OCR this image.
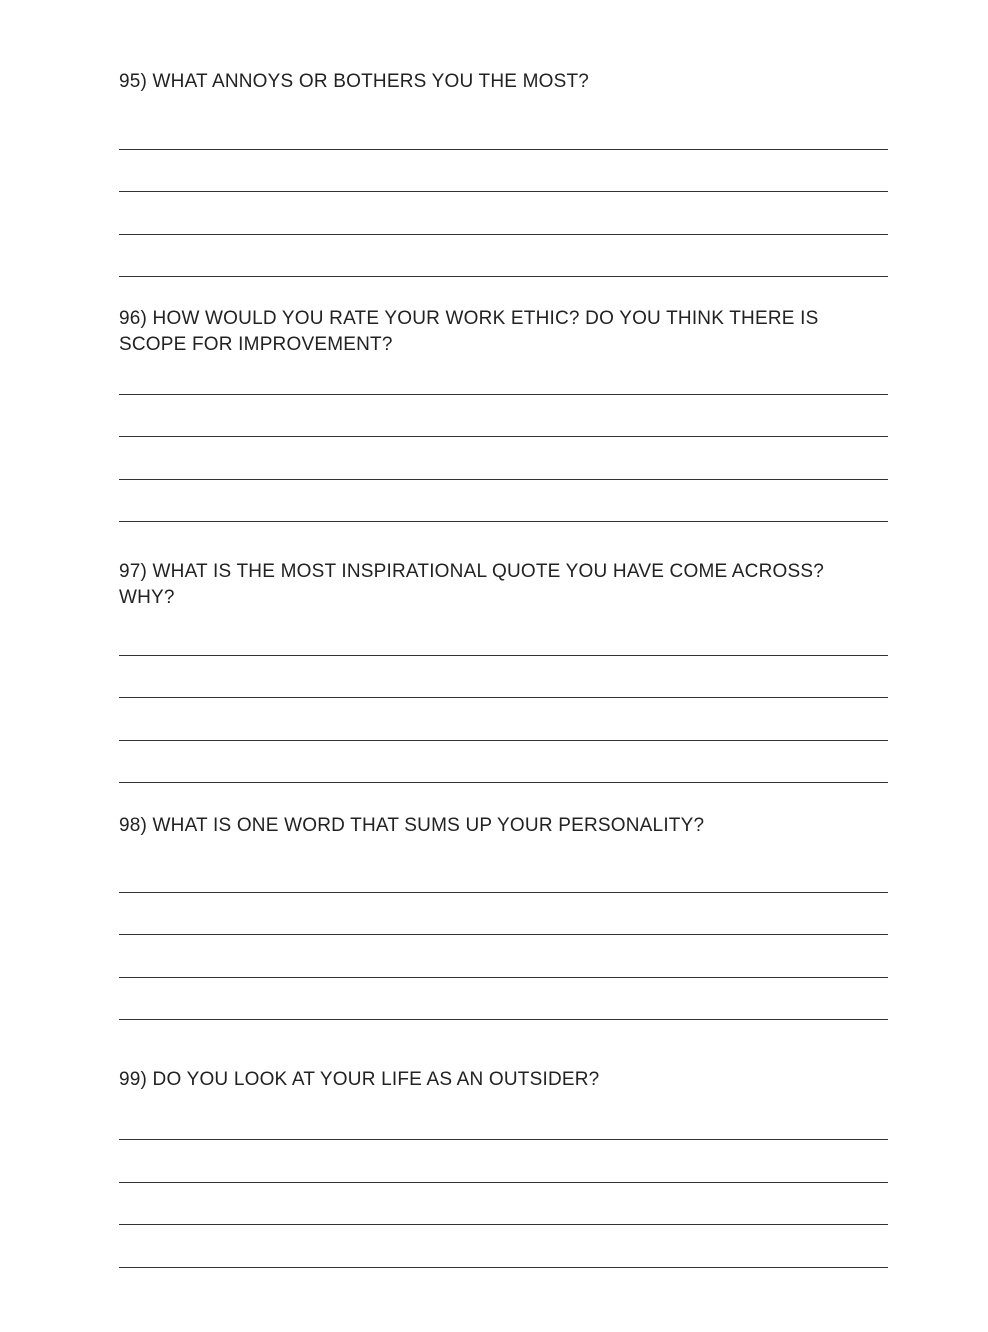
95) WHAT ANNOYS OR BOTHERS YOU THE MOST?

96) HOW WOULD YOU RATE YOUR WORK ETHIC? DO YOU THINK THERE IS SCOPE FOR IMPROVEMENT?

97) WHAT IS THE MOST INSPIRATIONAL QUOTE YOU HAVE COME ACROSS? WHY?

98) WHAT IS ONE WORD THAT SUMS UP YOUR PERSONALITY?

99) DO YOU LOOK AT YOUR LIFE AS AN OUTSIDER?
